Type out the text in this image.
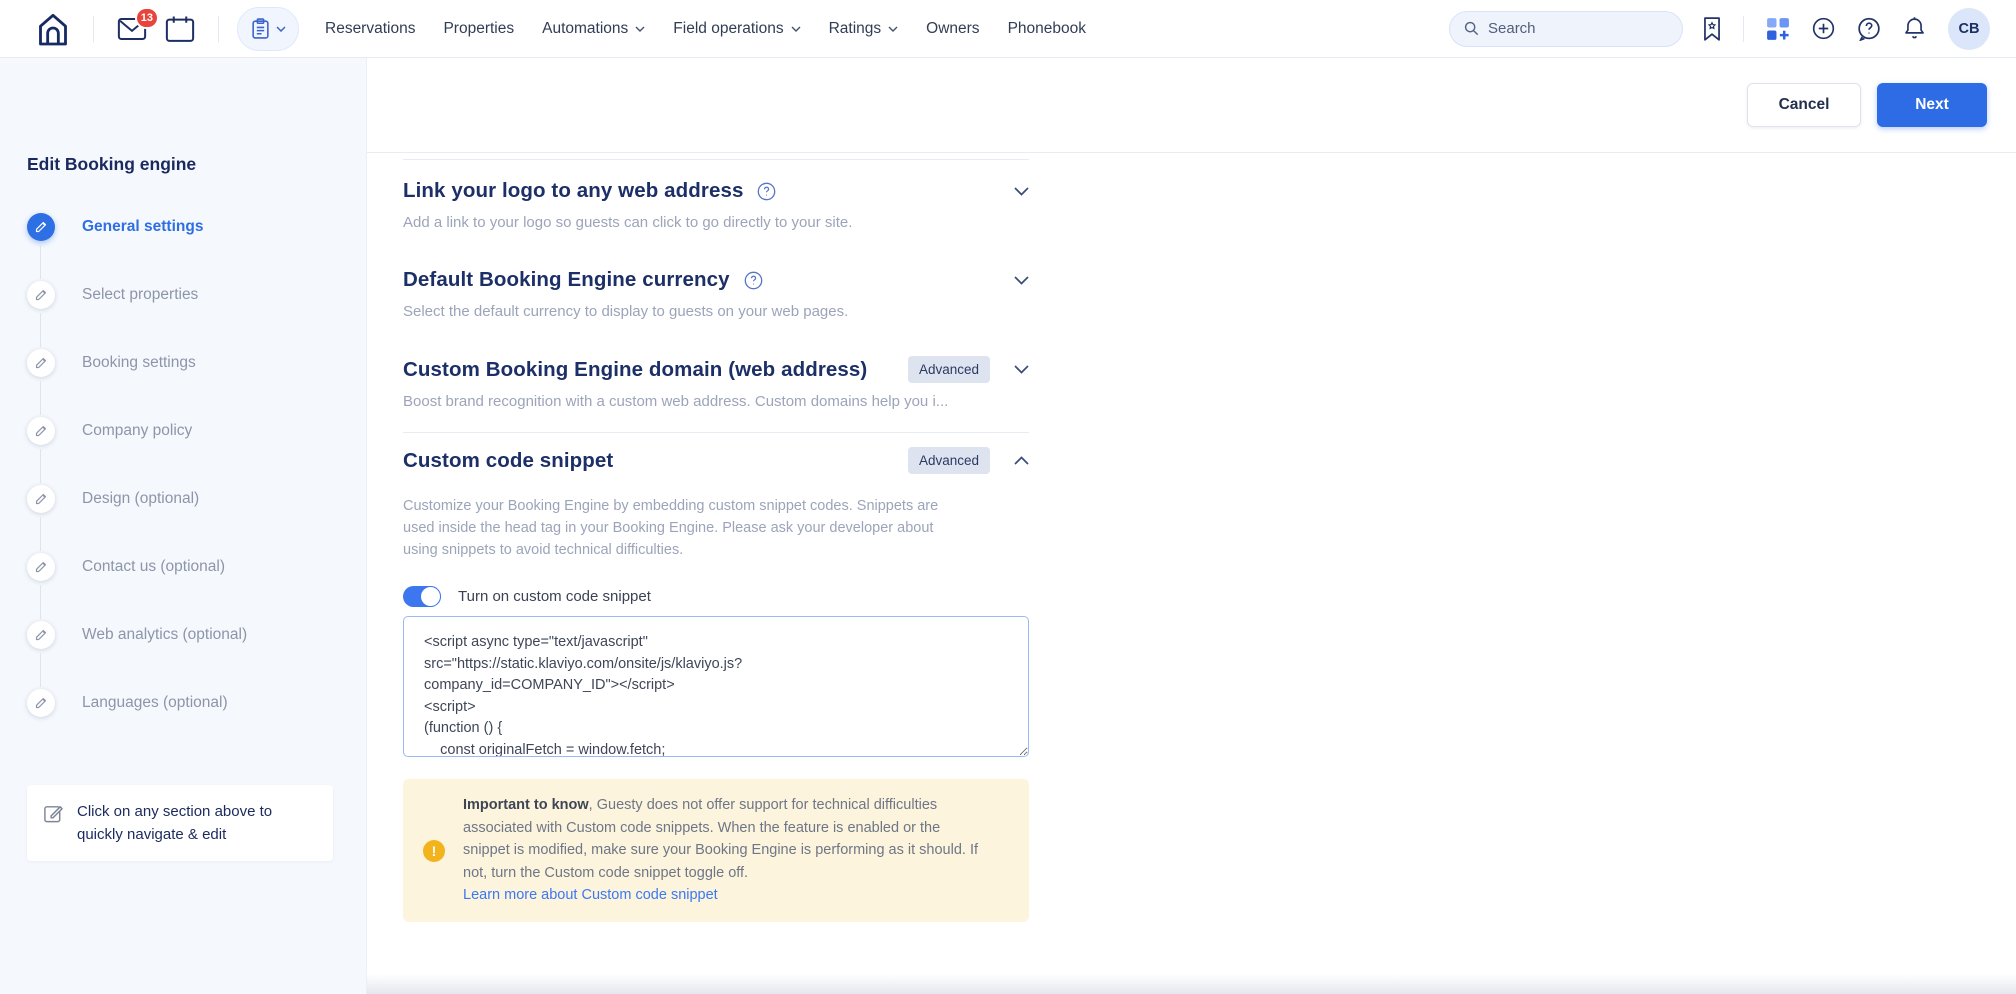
13
Reservations Properties Automations	Field operations	Ratings	Owners Phonebook
Search	CB
Edit Booking engine
General settings
Select properties
Booking settings
Company policy
Design (optional)
Contact us (optional)
Web analytics (optional)
Languages (optional)
Click on any section above to quickly navigate & edit
Cancel	Next
Link your logo to any web address

Add a link to your logo so guests can click to go directly to your site.

Default Booking Engine currency

Select the default currency to display to guests on your web pages.

Custom Booking Engine domain (web address)	Advanced

Boost brand recognition with a custom web address. Custom domains help you i...

Custom code snippet	Advanced

Customize your Booking Engine by embedding custom snippet codes. Snippets are used inside the head tag in your Booking Engine. Please ask your developer about using snippets to avoid technical difficulties.

Turn on custom code snippet
<script async type="text/javascript" src="https://static.klaviyo.com/onsite/js/klaviyo.js? company_id=COMPANY_ID"></script> <script> (function () { const originalFetch = window.fetch;
!
Important to know, Guesty does not offer support for technical difficulties associated with Custom code snippets. When the feature is enabled or the snippet is modified, make sure your Booking Engine is performing as it should. If not, turn the Custom code snippet toggle off.
Learn more about Custom code snippet
